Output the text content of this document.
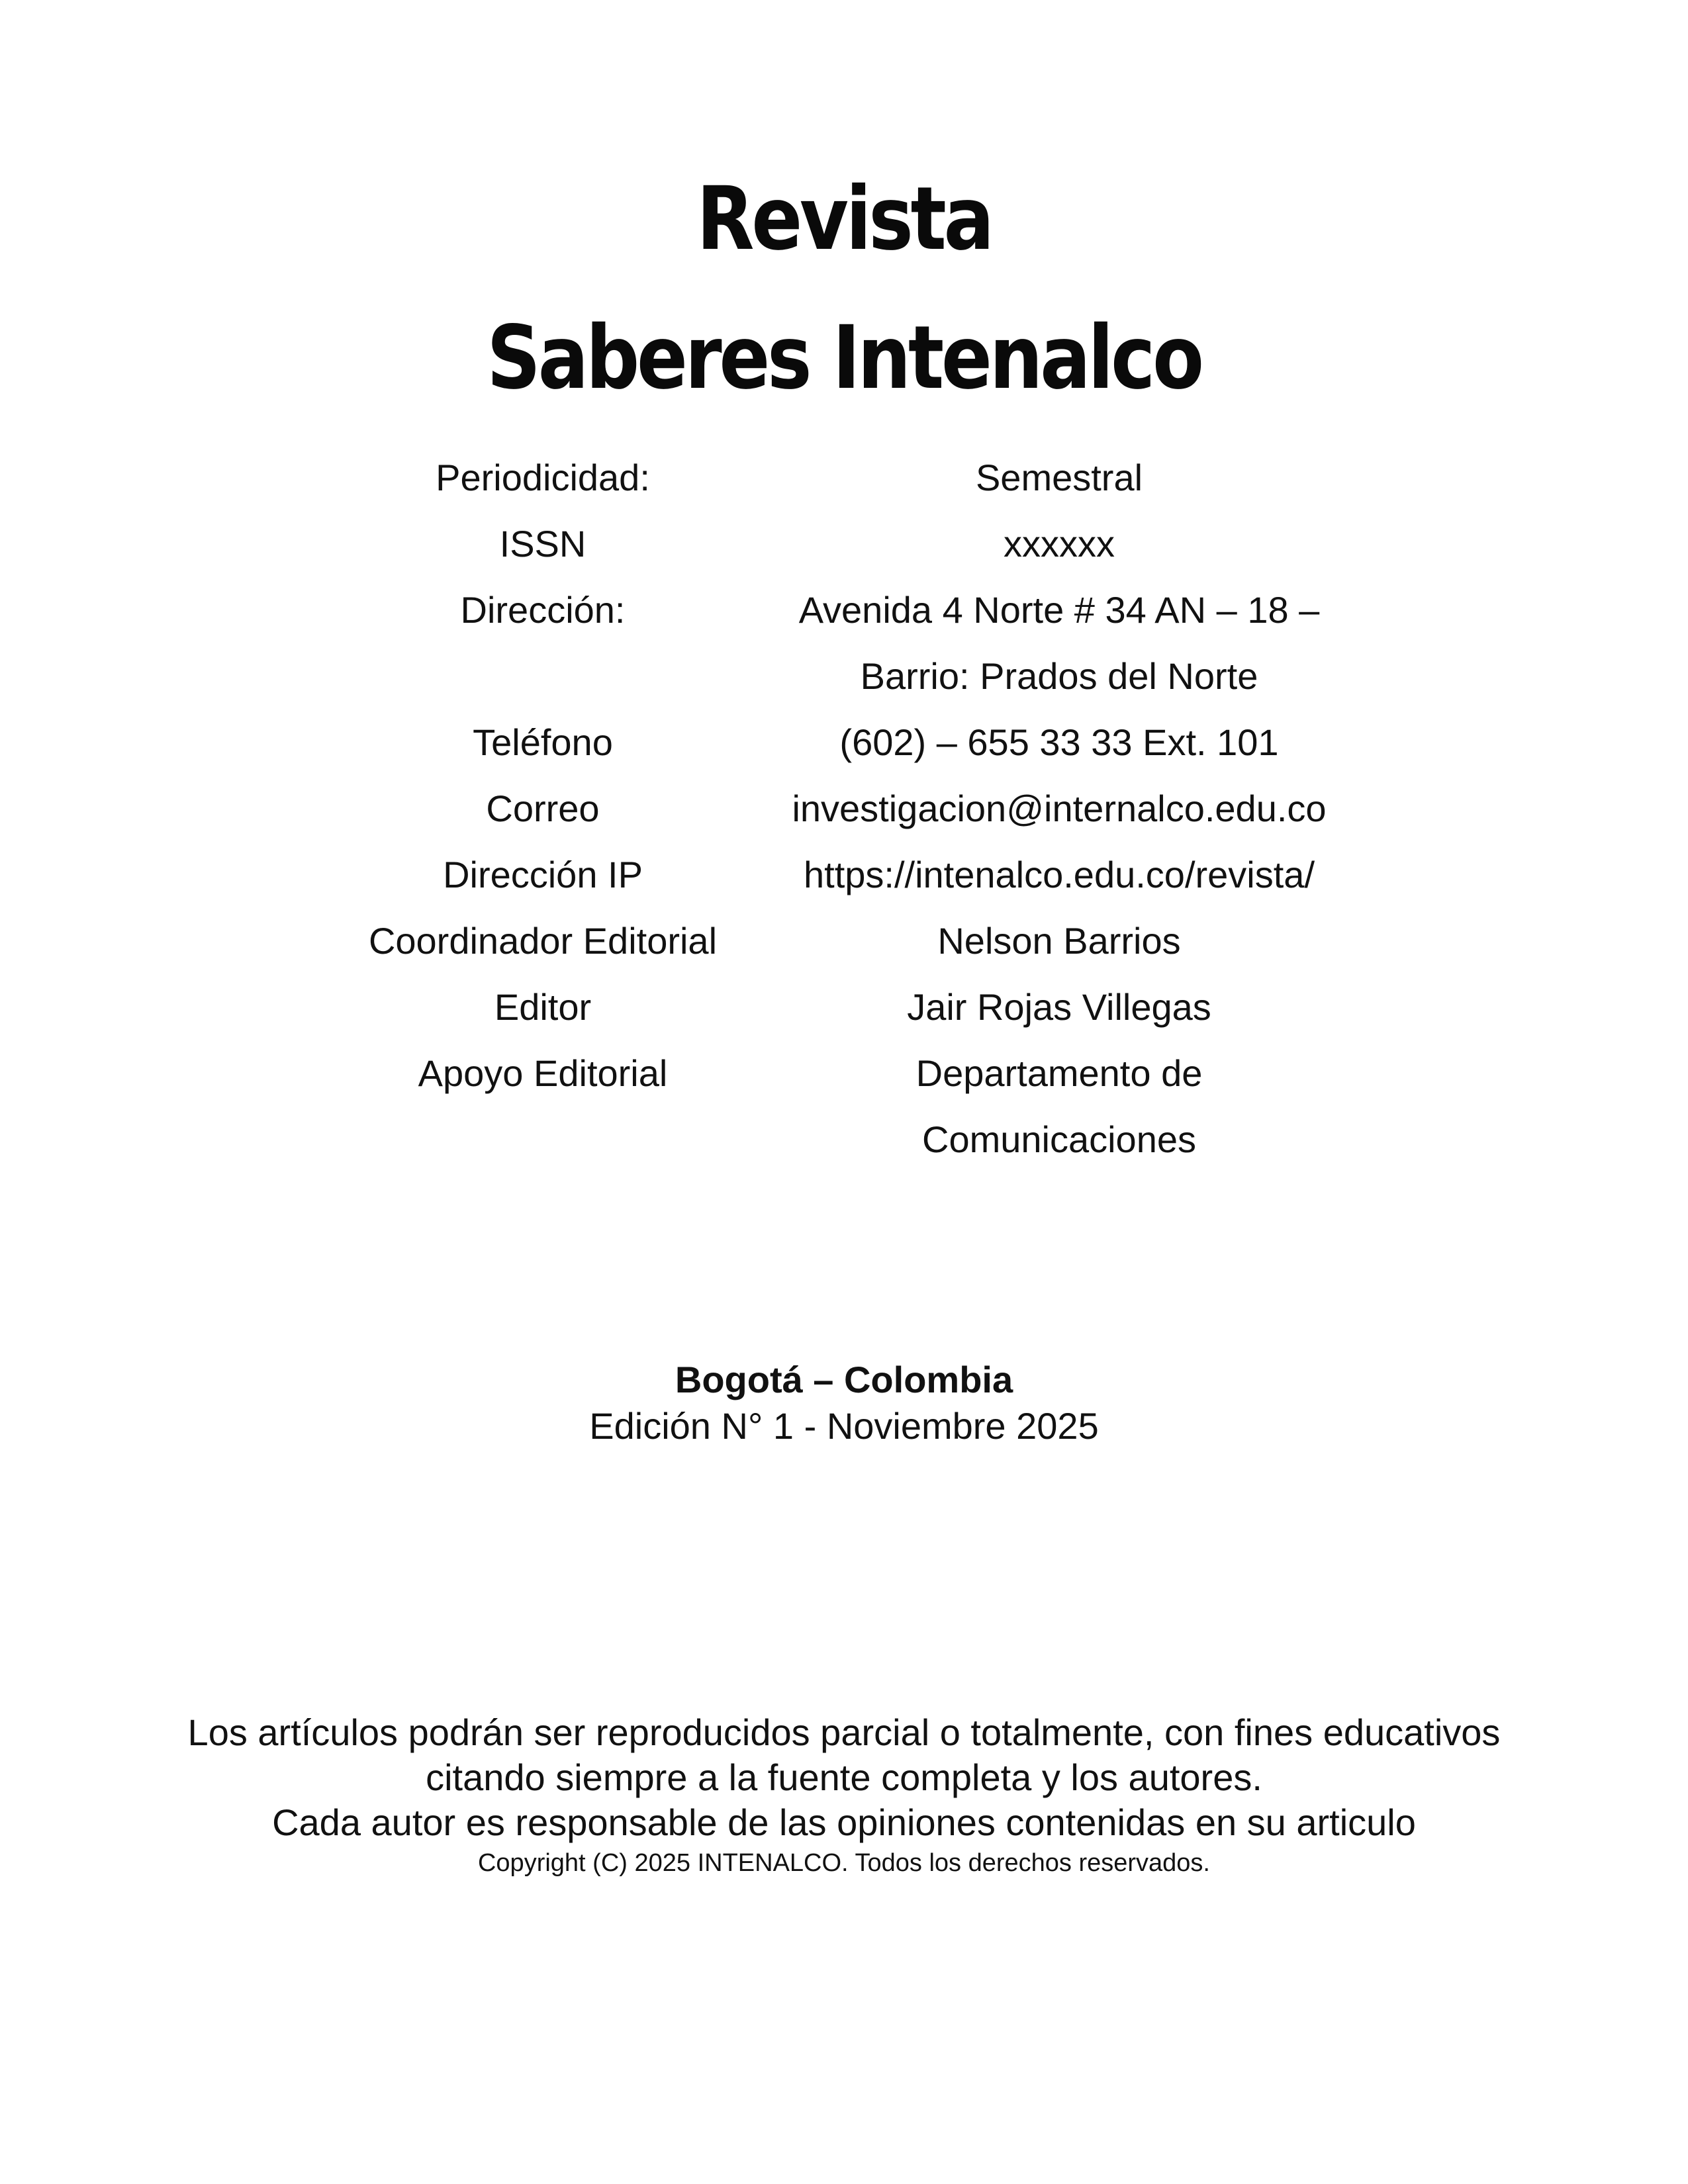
Revista
Saberes Intenalco
Periodicidad:	Semestral
ISSN	xxxxxx
Dirección:	Avenida 4 Norte # 34 AN – 18 –
Barrio: Prados del Norte
Teléfono	(602) – 655 33 33 Ext. 101
Correo	investigacion@internalco.edu.co
Dirección IP	https://intenalco.edu.co/revista/
Coordinador Editorial	Nelson Barrios
Editor	Jair Rojas Villegas
Apoyo Editorial	Departamento de
Comunicaciones
Bogotá – Colombia
Edición N° 1 - Noviembre 2025
Los artículos podrán ser reproducidos parcial o totalmente, con fines educativos
citando siempre a la fuente completa y los autores.
Cada autor es responsable de las opiniones contenidas en su articulo
Copyright (C) 2025 INTENALCO. Todos los derechos reservados.
